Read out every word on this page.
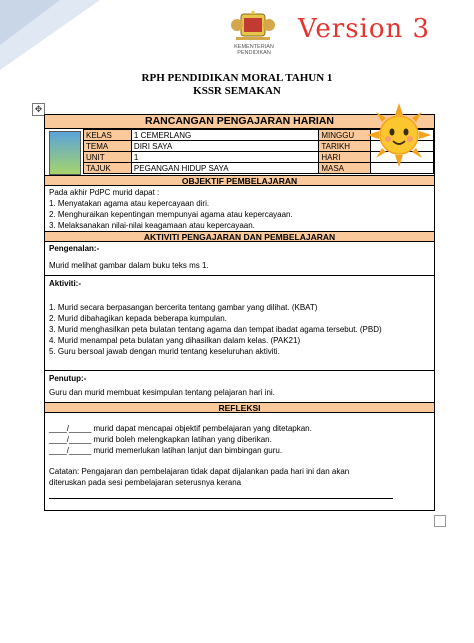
KEMENTERIAN PENDIDIKAN
Version 3
RPH PENDIDIKAN MORAL TAHUN 1
KSSR SEMAKAN
✥
RANCANGAN PENGAJARAN HARIAN
KELAS	1 CEMERLANG	MINGGU	
TEMA	DIRI SAYA	TARIKH	
UNIT	1	HARI	
TAJUK	PEGANGAN HIDUP SAYA	MASA	
OBJEKTIF PEMBELAJARAN
Pada akhir PdPC murid dapat :
1. Menyatakan agama atau kepercayaan diri.
2. Menghuraikan kepentingan mempunyai agama atau kepercayaan.
3. Melaksanakan nilai-nilai keagamaan atau kepercayaan.
AKTIVITI PENGAJARAN DAN PEMBELAJARAN
Pengenalan:-
Murid melihat gambar dalam buku teks ms 1.
Aktiviti:-
1. Murid secara berpasangan bercerita tentang gambar yang dilihat. (KBAT)
2. Murid dibahagikan kepada beberapa kumpulan.
3. Murid menghasilkan peta bulatan tentang agama dan tempat ibadat agama tersebut. (PBD)
4. Murid menampal peta bulatan yang dihasilkan dalam kelas. (PAK21)
5. Guru bersoal jawab dengan murid tentang keseluruhan aktiviti.
Penutup:-
Guru dan murid membuat kesimpulan tentang pelajaran hari ini.
REFLEKSI
____/_____ murid dapat mencapai objektif pembelajaran yang ditetapkan.
____/_____ murid boleh melengkapkan latihan yang diberikan.
____/_____ murid memerlukan latihan lanjut dan bimbingan guru.
Catatan: Pengajaran dan pembelajaran tidak dapat dijalankan pada hari ini dan akan
diteruskan pada sesi pembelajaran seterusnya kerana
